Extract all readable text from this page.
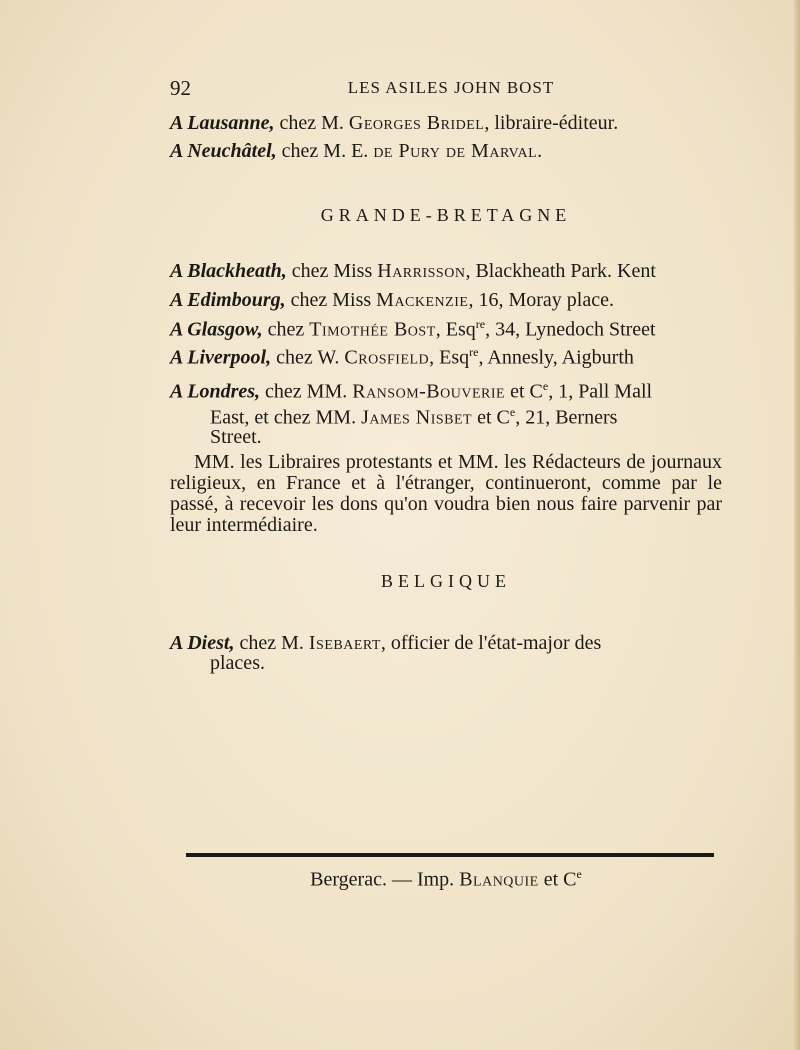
92	LES ASILES JOHN BOST
A Lausanne, chez M. Georges Bridel, libraire-éditeur.
A Neuchâtel, chez M. E. de Pury de Marval.
GRANDE-BRETAGNE
A Blackheath, chez Miss Harrisson, Blackheath Park. Kent
A Edimbourg, chez Miss Mackenzie, 16, Moray place.
A Glasgow, chez Timothée Bost, Esq$^{re}$, 34, Lynedoch Street
A Liverpool, chez W. Crosfield, Esq$^{re}$, Annesly, Aigburth
A Londres, chez MM. Ransom-Bouverie et Ce, 1, Pall Mall
East, et chez MM. James Nisbet et Ce, 21, Berners
Street.
MM. les Libraires protestants et MM. les Rédacteurs de journaux religieux, en France et à l'étranger, continueront, comme par le passé, à recevoir les dons qu'on voudra bien nous faire parvenir par leur intermédiaire.
BELGIQUE
A Diest, chez M. Isebaert, officier de l'état-major des
places.
Bergerac. — Imp. Blanquie et Ce
